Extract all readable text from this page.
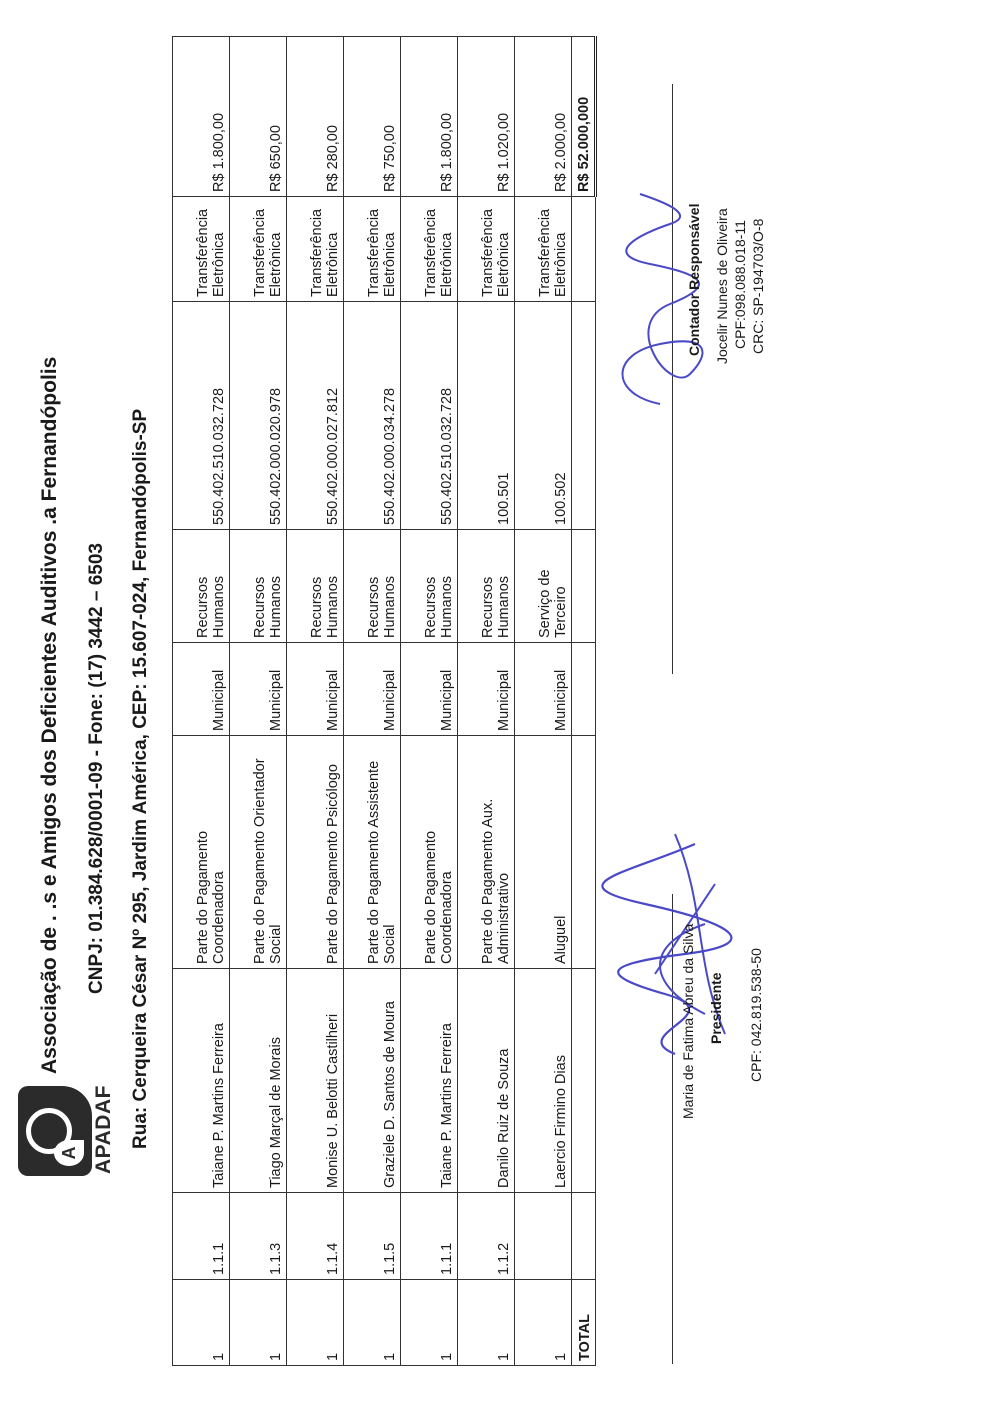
A APADAF
Associação de . .s e Amigos dos Deficientes Auditivos .a Fernandópolis CNPJ: 01.384.628/0001-09 - Fone: (17) 3442 – 6503 Rua: Cerqueira César Nº 295, Jardim América, CEP: 15.607-024, Fernandópolis-SP
1	1.1.1	Taiane P. Martins Ferreira	Parte do Pagamento Coordenadora	Municipal	Recursos Humanos	550.402.510.032.728	Transferência Eletrônica	R$ 1.800,00
1	1.1.3	Tiago Marçal de Morais	Parte do Pagamento Orientador Social	Municipal	Recursos Humanos	550.402.000.020.978	Transferência Eletrônica	R$ 650,00
1	1.1.4	Monise U. Belotti Castilheri	Parte do Pagamento Psicólogo	Municipal	Recursos Humanos	550.402.000.027.812	Transferência Eletrônica	R$ 280,00
1	1.1.5	Graziele D. Santos de Moura	Parte do Pagamento Assistente Social	Municipal	Recursos Humanos	550.402.000.034.278	Transferência Eletrônica	R$ 750,00
1	1.1.1	Taiane P. Martins Ferreira	Parte do Pagamento Coordenadora	Municipal	Recursos Humanos	550.402.510.032.728	Transferência Eletrônica	R$ 1.800,00
1	1.1.2	Danilo Ruiz de Souza	Parte do Pagamento Aux. Administrativo	Municipal	Recursos Humanos	100.501	Transferência Eletrônica	R$ 1.020,00
1		Laercio Firmino Dias	Aluguel	Municipal	Serviço de Terceiro	100.502	Transferência Eletrônica	R$ 2.000,00
TOTAL								R$ 52.000,000
Maria de Fatima Abreu da Silva Presidente CPF: 042.819.538-50
Contador Responsável Jocelir Nunes de Oliveira CPF:098.088.018-11 CRC: SP-194703/O-8
